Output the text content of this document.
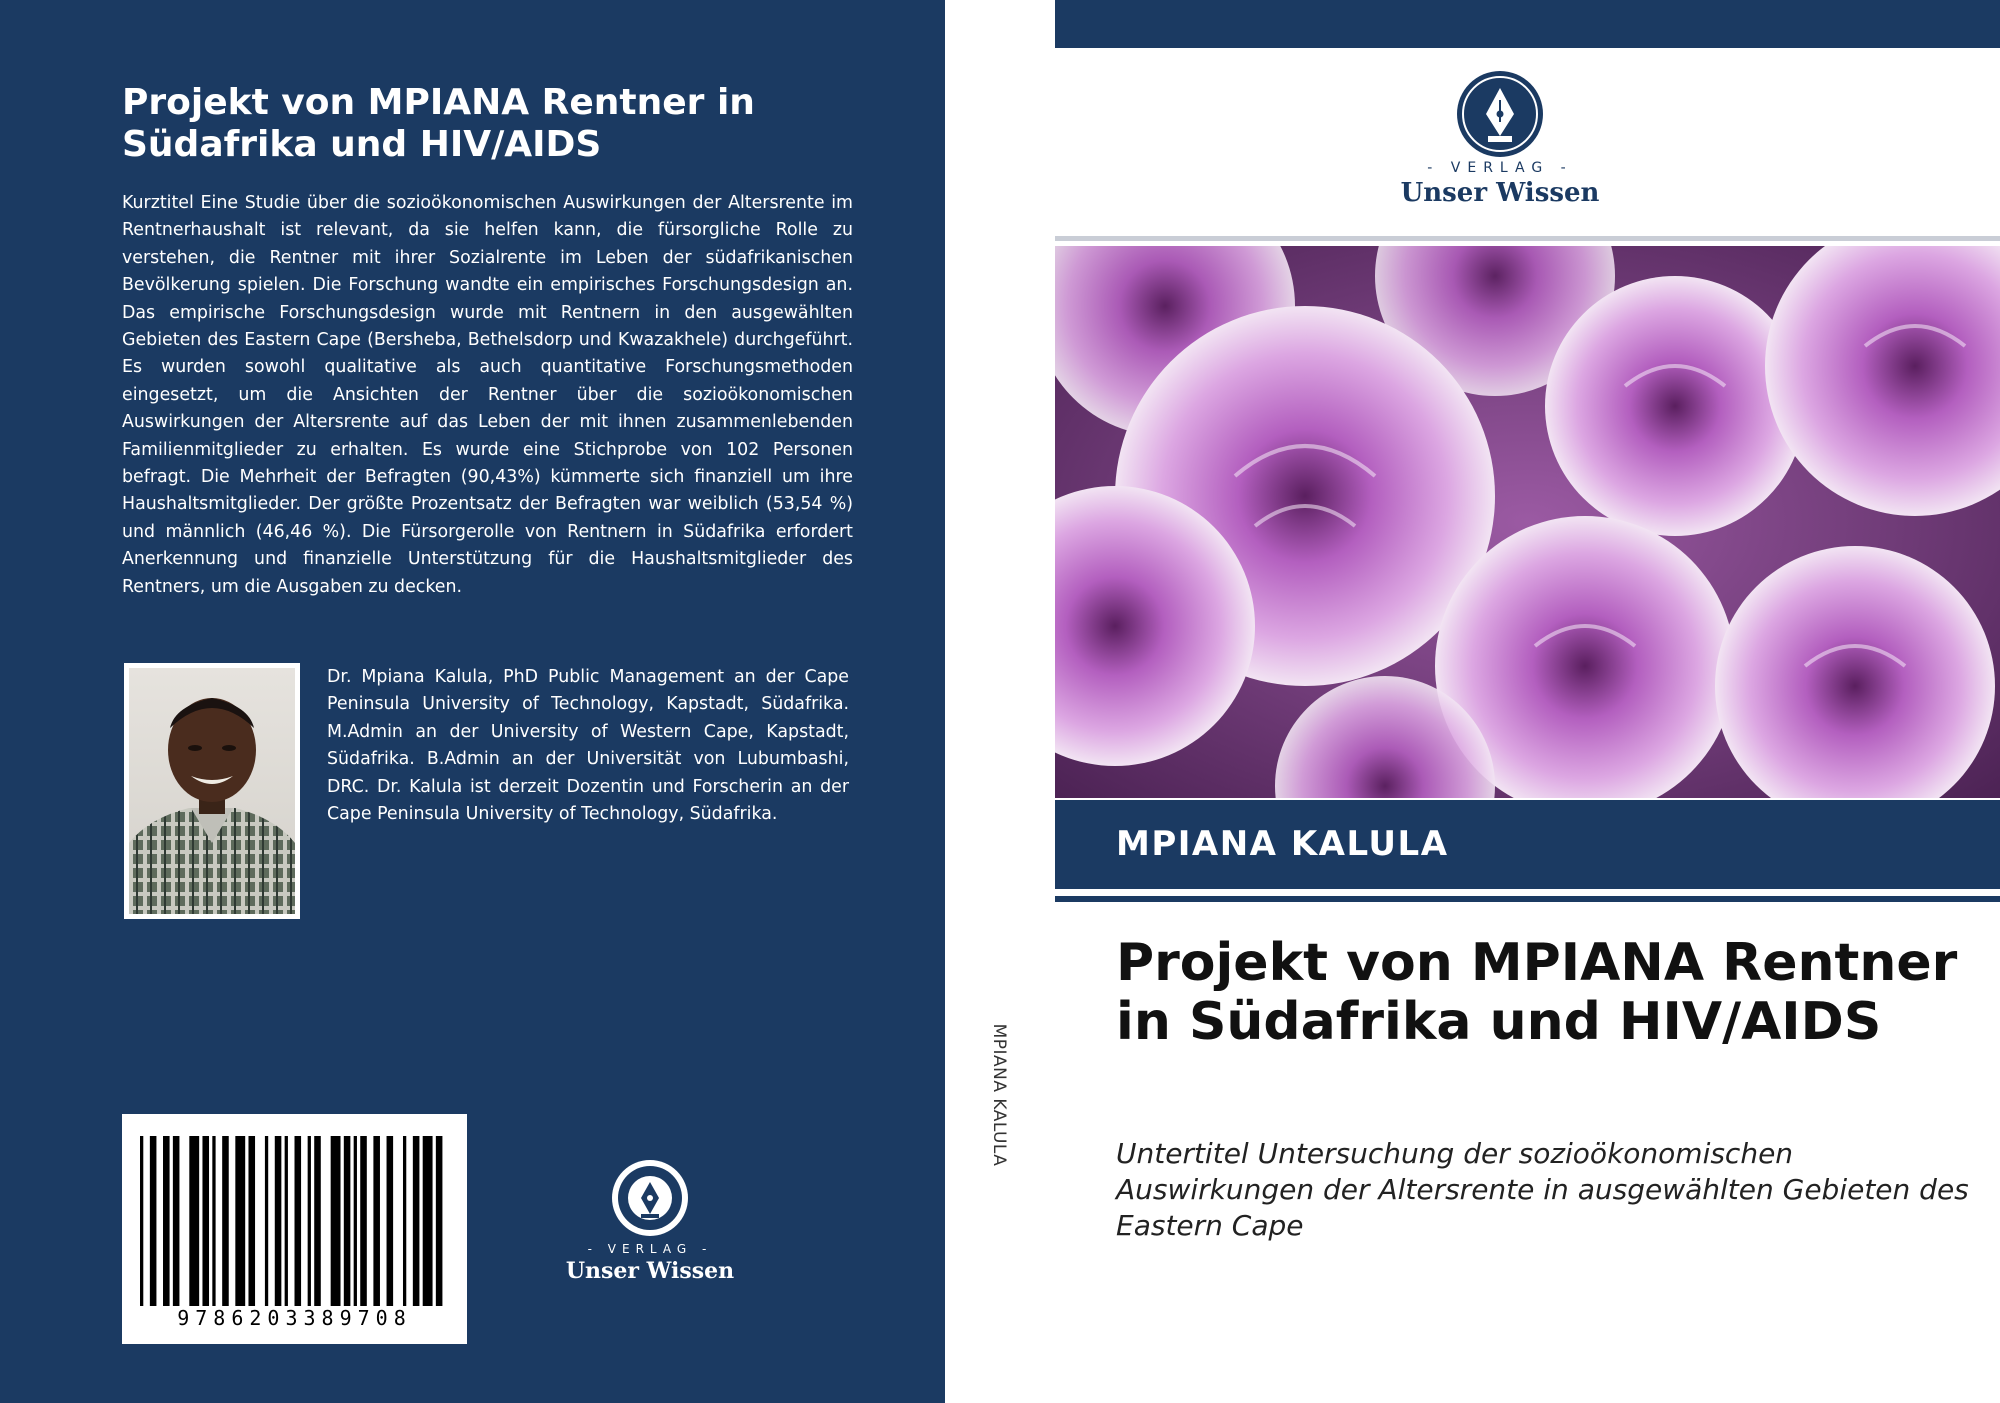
Projekt von MPIANA Rentner in Südafrika und HIV/AIDS
Kurztitel Eine Studie über die sozioökonomischen Auswirkungen der Altersrente im Rentnerhaushalt ist relevant, da sie helfen kann, die fürsorgliche Rolle zu verstehen, die Rentner mit ihrer Sozialrente im Leben der südafrikanischen Bevölkerung spielen. Die Forschung wandte ein empirisches Forschungsdesign an. Das empirische Forschungsdesign wurde mit Rentnern in den ausgewählten Gebieten des Eastern Cape (Bersheba, Bethelsdorp und Kwazakhele) durchgeführt. Es wurden sowohl qualitative als auch quantitative Forschungsmethoden eingesetzt, um die Ansichten der Rentner über die sozioökonomischen Auswirkungen der Altersrente auf das Leben der mit ihnen zusammenlebenden Familienmitglieder zu erhalten. Es wurde eine Stichprobe von 102 Personen befragt. Die Mehrheit der Befragten (90,43%) kümmerte sich finanziell um ihre Haushaltsmitglieder. Der größte Prozentsatz der Befragten war weiblich (53,54 %) und männlich (46,46 %). Die Fürsorgerolle von Rentnern in Südafrika erfordert Anerkennung und finanzielle Unterstützung für die Haushaltsmitglieder des Rentners, um die Ausgaben zu decken.
Dr. Mpiana Kalula, PhD Public Management an der Cape Peninsula University of Technology, Kapstadt, Südafrika. M.Admin an der University of Western Cape, Kapstadt, Südafrika. B.Admin an der Universität von Lubumbashi, DRC. Dr. Kalula ist derzeit Dozentin und Forscherin an der Cape Peninsula University of Technology, Südafrika.
9786203389708
- VERLAG -
Unser Wissen
MPIANA KALULA
- VERLAG -
Unser Wissen
MPIANA KALULA
Projekt von MPIANA Rentner in Südafrika und HIV/AIDS
Untertitel Untersuchung der sozioökonomischen Auswirkungen der Altersrente in ausgewählten Gebieten des Eastern Cape
